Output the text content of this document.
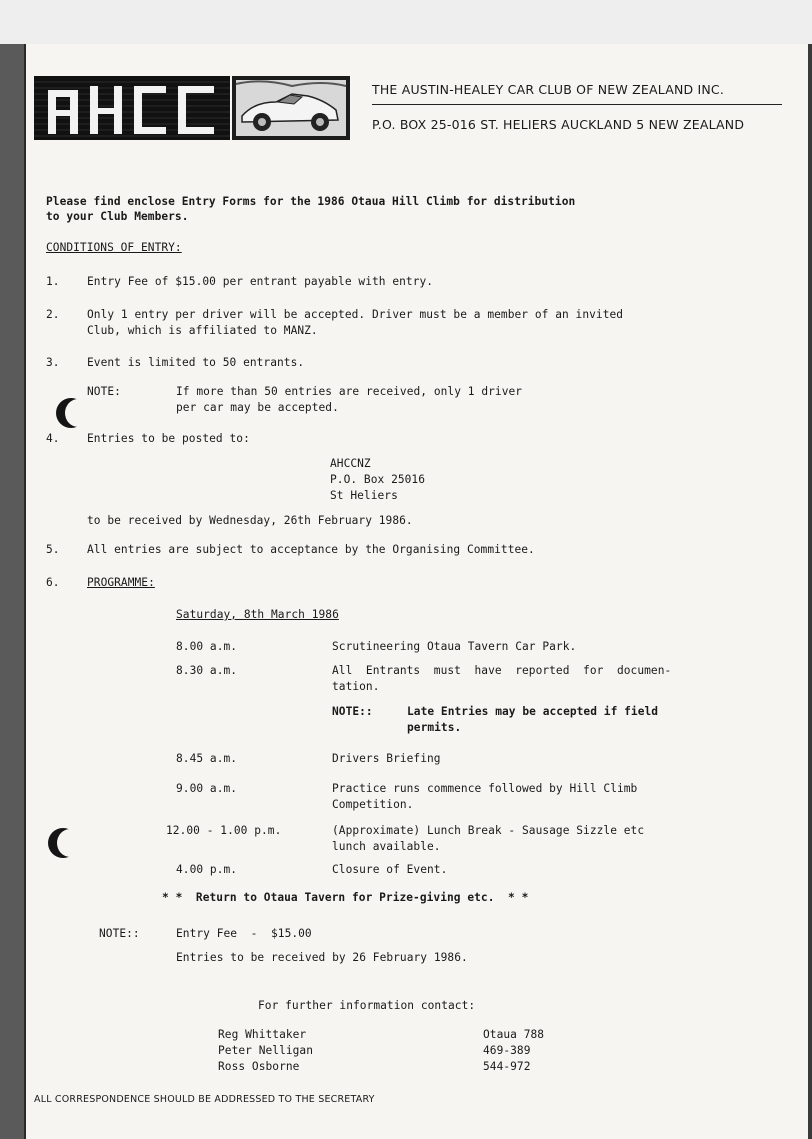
THE AUSTIN-HEALEY CAR CLUB OF NEW ZEALAND INC.
P.O. BOX 25-016 ST. HELIERS AUCKLAND 5 NEW ZEALAND
Please find enclose Entry Forms for the 1986 Otaua Hill Climb for distribution
to your Club Members.
CONDITIONS OF ENTRY:
1. Entry Fee of $15.00 per entrant payable with entry.
2. Only 1 entry per driver will be accepted. Driver must be a member of an invited
Club, which is affiliated to MANZ.
3. Event is limited to 50 entrants.
NOTE:	If more than 50 entries are received, only 1 driver
per car may be accepted.
4. Entries to be posted to:
AHCCNZ
P.O. Box 25016
St Heliers
to be received by Wednesday, 26th February 1986.
5. All entries are subject to acceptance by the Organising Committee.
6. PROGRAMME:
Saturday, 8th March 1986
8.00 a.m.	Scrutineering Otaua Tavern Car Park.
8.30 a.m.	All  Entrants  must  have  reported  for  documen-
tation.
NOTE::	Late Entries may be accepted if field
permits.
8.45 a.m.	Drivers Briefing
9.00 a.m.	Practice runs commence followed by Hill Climb
Competition.
12.00 - 1.00 p.m.	(Approximate) Lunch Break - Sausage Sizzle etc
lunch available.
4.00 p.m.	Closure of Event.
* *  Return to Otaua Tavern for Prize-giving etc.  * *
NOTE::	Entry Fee  -  $15.00
Entries to be received by 26 February 1986.
For further information contact:
Reg Whittaker	Otaua 788
Peter Nelligan	469-389
Ross Osborne	544-972
ALL CORRESPONDENCE SHOULD BE ADDRESSED TO THE SECRETARY
